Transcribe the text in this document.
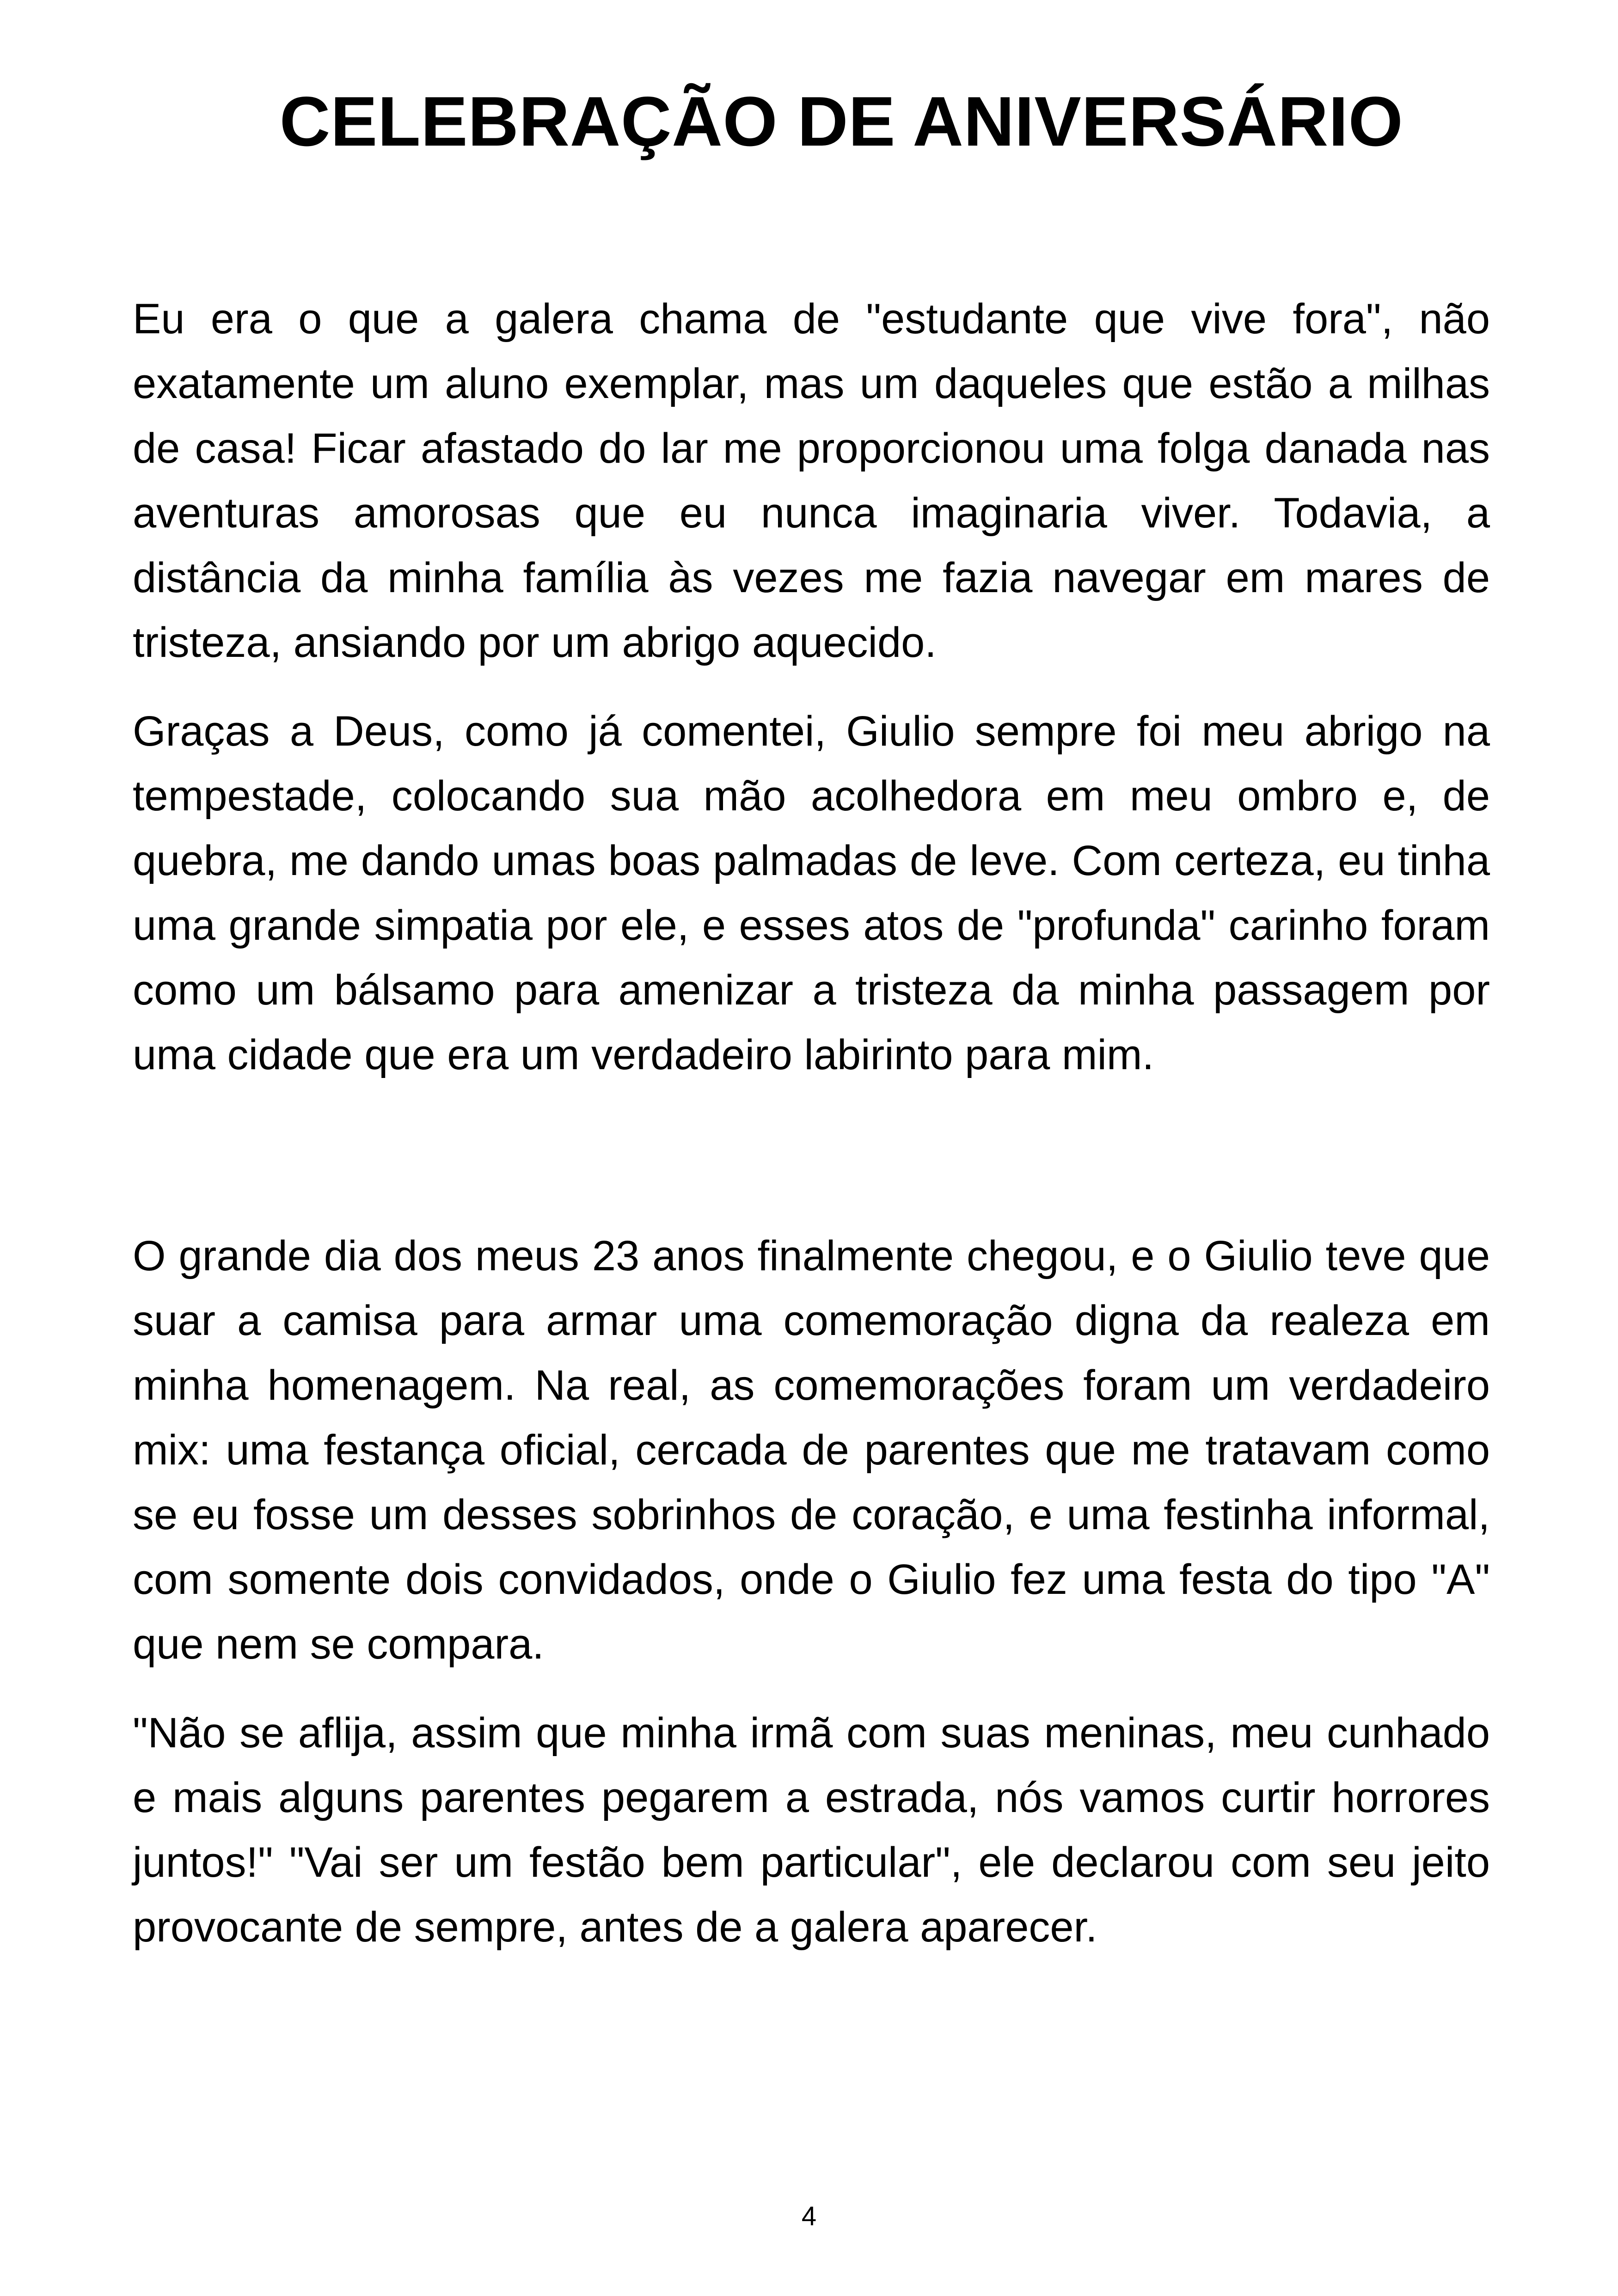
CELEBRAÇÃO DE ANIVERSÁRIO

Eu era o que a galera chama de "estudante que vive fora", não exatamente um aluno exemplar, mas um daqueles que estão a milhas de casa! Ficar afastado do lar me proporcionou uma folga danada nas aventuras amorosas que eu nunca imaginaria viver. Todavia, a distância da minha família às vezes me fazia navegar em mares de tristeza, ansiando por um abrigo aquecido.

Graças a Deus, como já comentei, Giulio sempre foi meu abrigo na tempestade, colocando sua mão acolhedora em meu ombro e, de quebra, me dando umas boas palmadas de leve. Com certeza, eu tinha uma grande simpatia por ele, e esses atos de "profunda" carinho foram como um bálsamo para amenizar a tristeza da minha passagem por uma cidade que era um verdadeiro labirinto para mim.

O grande dia dos meus 23 anos finalmente chegou, e o Giulio teve que suar a camisa para armar uma comemoração digna da realeza em minha homenagem. Na real, as comemorações foram um verdadeiro mix: uma festança oficial, cercada de parentes que me tratavam como se eu fosse um desses sobrinhos de coração, e uma festinha informal, com somente dois convidados, onde o Giulio fez uma festa do tipo "A" que nem se compara.

"Não se aflija, assim que minha irmã com suas meninas, meu cunhado e mais alguns parentes pegarem a estrada, nós vamos curtir horrores juntos!" "Vai ser um festão bem particular", ele declarou com seu jeito provocante de sempre, antes de a galera aparecer.

4
